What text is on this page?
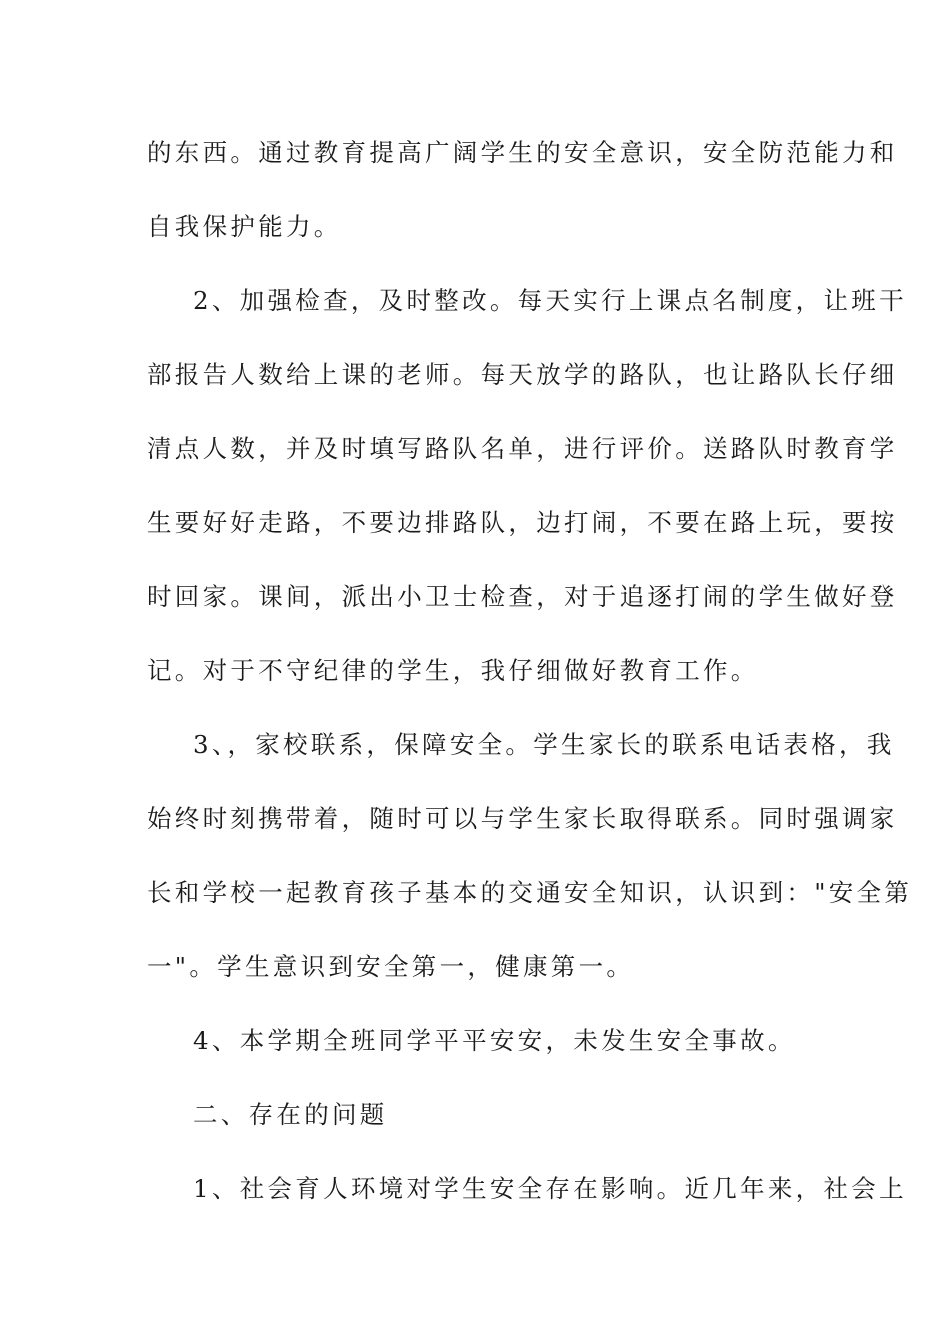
的东西。通过教育提高广阔学生的安全意识，安全防范能力和
自我保护能力。
2、加强检查，及时整改。每天实行上课点名制度，让班干
部报告人数给上课的老师。每天放学的路队，也让路队长仔细
清点人数，并及时填写路队名单，进行评价。送路队时教育学
生要好好走路，不要边排路队，边打闹，不要在路上玩，要按
时回家。课间，派出小卫士检查，对于追逐打闹的学生做好登
记。对于不守纪律的学生，我仔细做好教育工作。
3、，家校联系，保障安全。学生家长的联系电话表格，我
始终时刻携带着，随时可以与学生家长取得联系。同时强调家
长和学校一起教育孩子基本的交通安全知识，认识到："安全第
一"。学生意识到安全第一，健康第一。
4、本学期全班同学平平安安，未发生安全事故。
二、存在的问题
1、社会育人环境对学生安全存在影响。近几年来，社会上
